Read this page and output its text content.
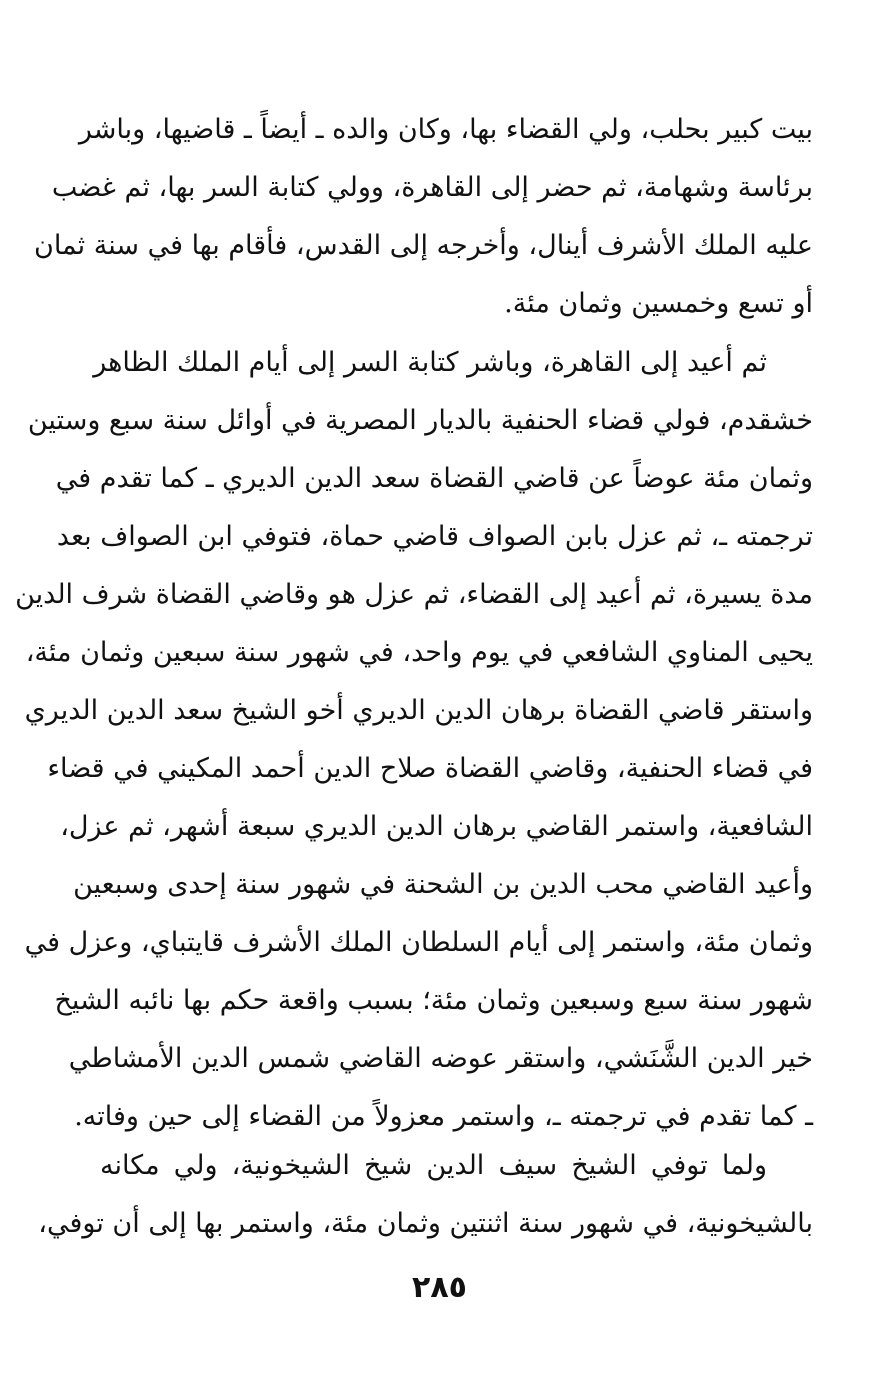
بيت كبير بحلب، ولي القضاء بها، وكان والده ـ أيضاً ـ قاضيها، وباشر
برئاسة وشهامة، ثم حضر إلى القاهرة، وولي كتابة السر بها، ثم غضب
عليه الملك الأشرف أينال، وأخرجه إلى القدس، فأقام بها في سنة ثمان
أو تسع وخمسين وثمان مئة.
ثم أعيد إلى القاهرة، وباشر كتابة السر إلى أيام الملك الظاهر
خشقدم، فولي قضاء الحنفية بالديار المصرية في أوائل سنة سبع وستين
وثمان مئة عوضاً عن قاضي القضاة سعد الدين الديري ـ كما تقدم في
ترجمته ـ، ثم عزل بابن الصواف قاضي حماة، فتوفي ابن الصواف بعد
مدة يسيرة، ثم أعيد إلى القضاء، ثم عزل هو وقاضي القضاة شرف الدين
يحيى المناوي الشافعي في يوم واحد، في شهور سنة سبعين وثمان مئة،
واستقر قاضي القضاة برهان الدين الديري أخو الشيخ سعد الدين الديري
في قضاء الحنفية، وقاضي القضاة صلاح الدين أحمد المكيني في قضاء
الشافعية، واستمر القاضي برهان الدين الديري سبعة أشهر، ثم عزل،
وأعيد القاضي محب الدين بن الشحنة في شهور سنة إحدى وسبعين
وثمان مئة، واستمر إلى أيام السلطان الملك الأشرف قايتباي، وعزل في
شهور سنة سبع وسبعين وثمان مئة؛ بسبب واقعة حكم بها نائبه الشيخ
خير الدين الشَّنَشي، واستقر عوضه القاضي شمس الدين الأمشاطي
ـ كما تقدم في ترجمته ـ، واستمر معزولاً من القضاء إلى حين وفاته.
ولما توفي الشيخ سيف الدين شيخ الشيخونية، ولي مكانه
بالشيخونية، في شهور سنة اثنتين وثمان مئة، واستمر بها إلى أن توفي،
٢٨٥
